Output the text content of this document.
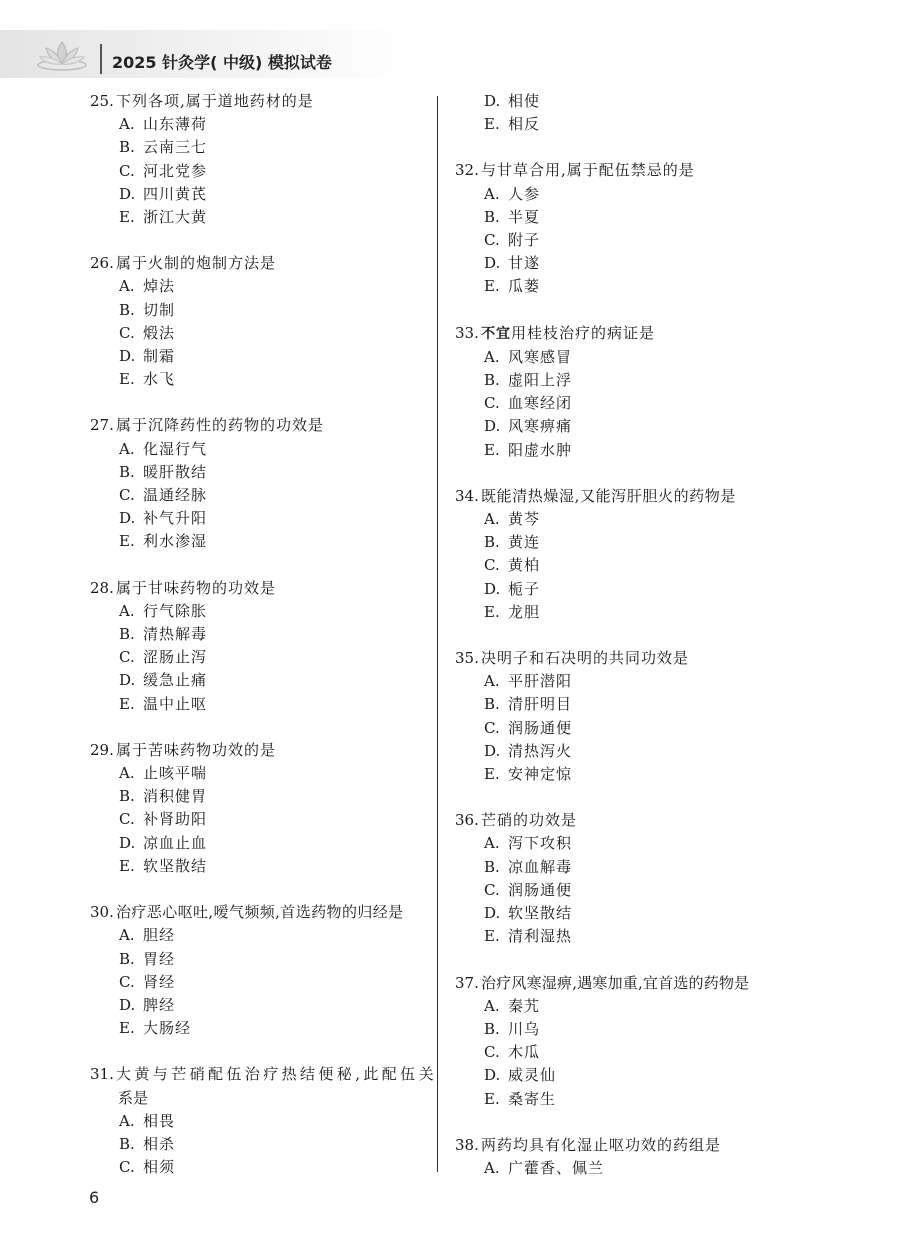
2025 针灸学( 中级) 模拟试卷
25. 下列各项,属于道地药材的是
A. 山东薄荷
B. 云南三七
C. 河北党参
D. 四川黄芪
E. 浙江大黄
26. 属于火制的炮制方法是
A. 焯法
B. 切制
C. 煅法
D. 制霜
E. 水飞
27. 属于沉降药性的药物的功效是
A. 化湿行气
B. 暖肝散结
C. 温通经脉
D. 补气升阳
E. 利水渗湿
28. 属于甘味药物的功效是
A. 行气除胀
B. 清热解毒
C. 涩肠止泻
D. 缓急止痛
E. 温中止呕
29. 属于苦味药物功效的是
A. 止咳平喘
B. 消积健胃
C. 补肾助阳
D. 凉血止血
E. 软坚散结
30. 治疗恶心呕吐,嗳气频频,首选药物的归经是
A. 胆经
B. 胃经
C. 肾经
D. 脾经
E. 大肠经
31. 大黄与芒硝配伍治疗热结便秘,此配伍关
系是
A. 相畏
B. 相杀
C. 相须
D. 相使
E. 相反
32. 与甘草合用,属于配伍禁忌的是
A. 人参
B. 半夏
C. 附子
D. 甘遂
E. 瓜蒌
33. 不宜用桂枝治疗的病证是
A. 风寒感冒
B. 虚阳上浮
C. 血寒经闭
D. 风寒痹痛
E. 阳虚水肿
34. 既能清热燥湿,又能泻肝胆火的药物是
A. 黄芩
B. 黄连
C. 黄柏
D. 栀子
E. 龙胆
35. 决明子和石决明的共同功效是
A. 平肝潜阳
B. 清肝明目
C. 润肠通便
D. 清热泻火
E. 安神定惊
36. 芒硝的功效是
A. 泻下攻积
B. 凉血解毒
C. 润肠通便
D. 软坚散结
E. 清利湿热
37. 治疗风寒湿痹,遇寒加重,宜首选的药物是
A. 秦艽
B. 川乌
C. 木瓜
D. 威灵仙
E. 桑寄生
38. 两药均具有化湿止呕功效的药组是
A. 广藿香、佩兰
6
